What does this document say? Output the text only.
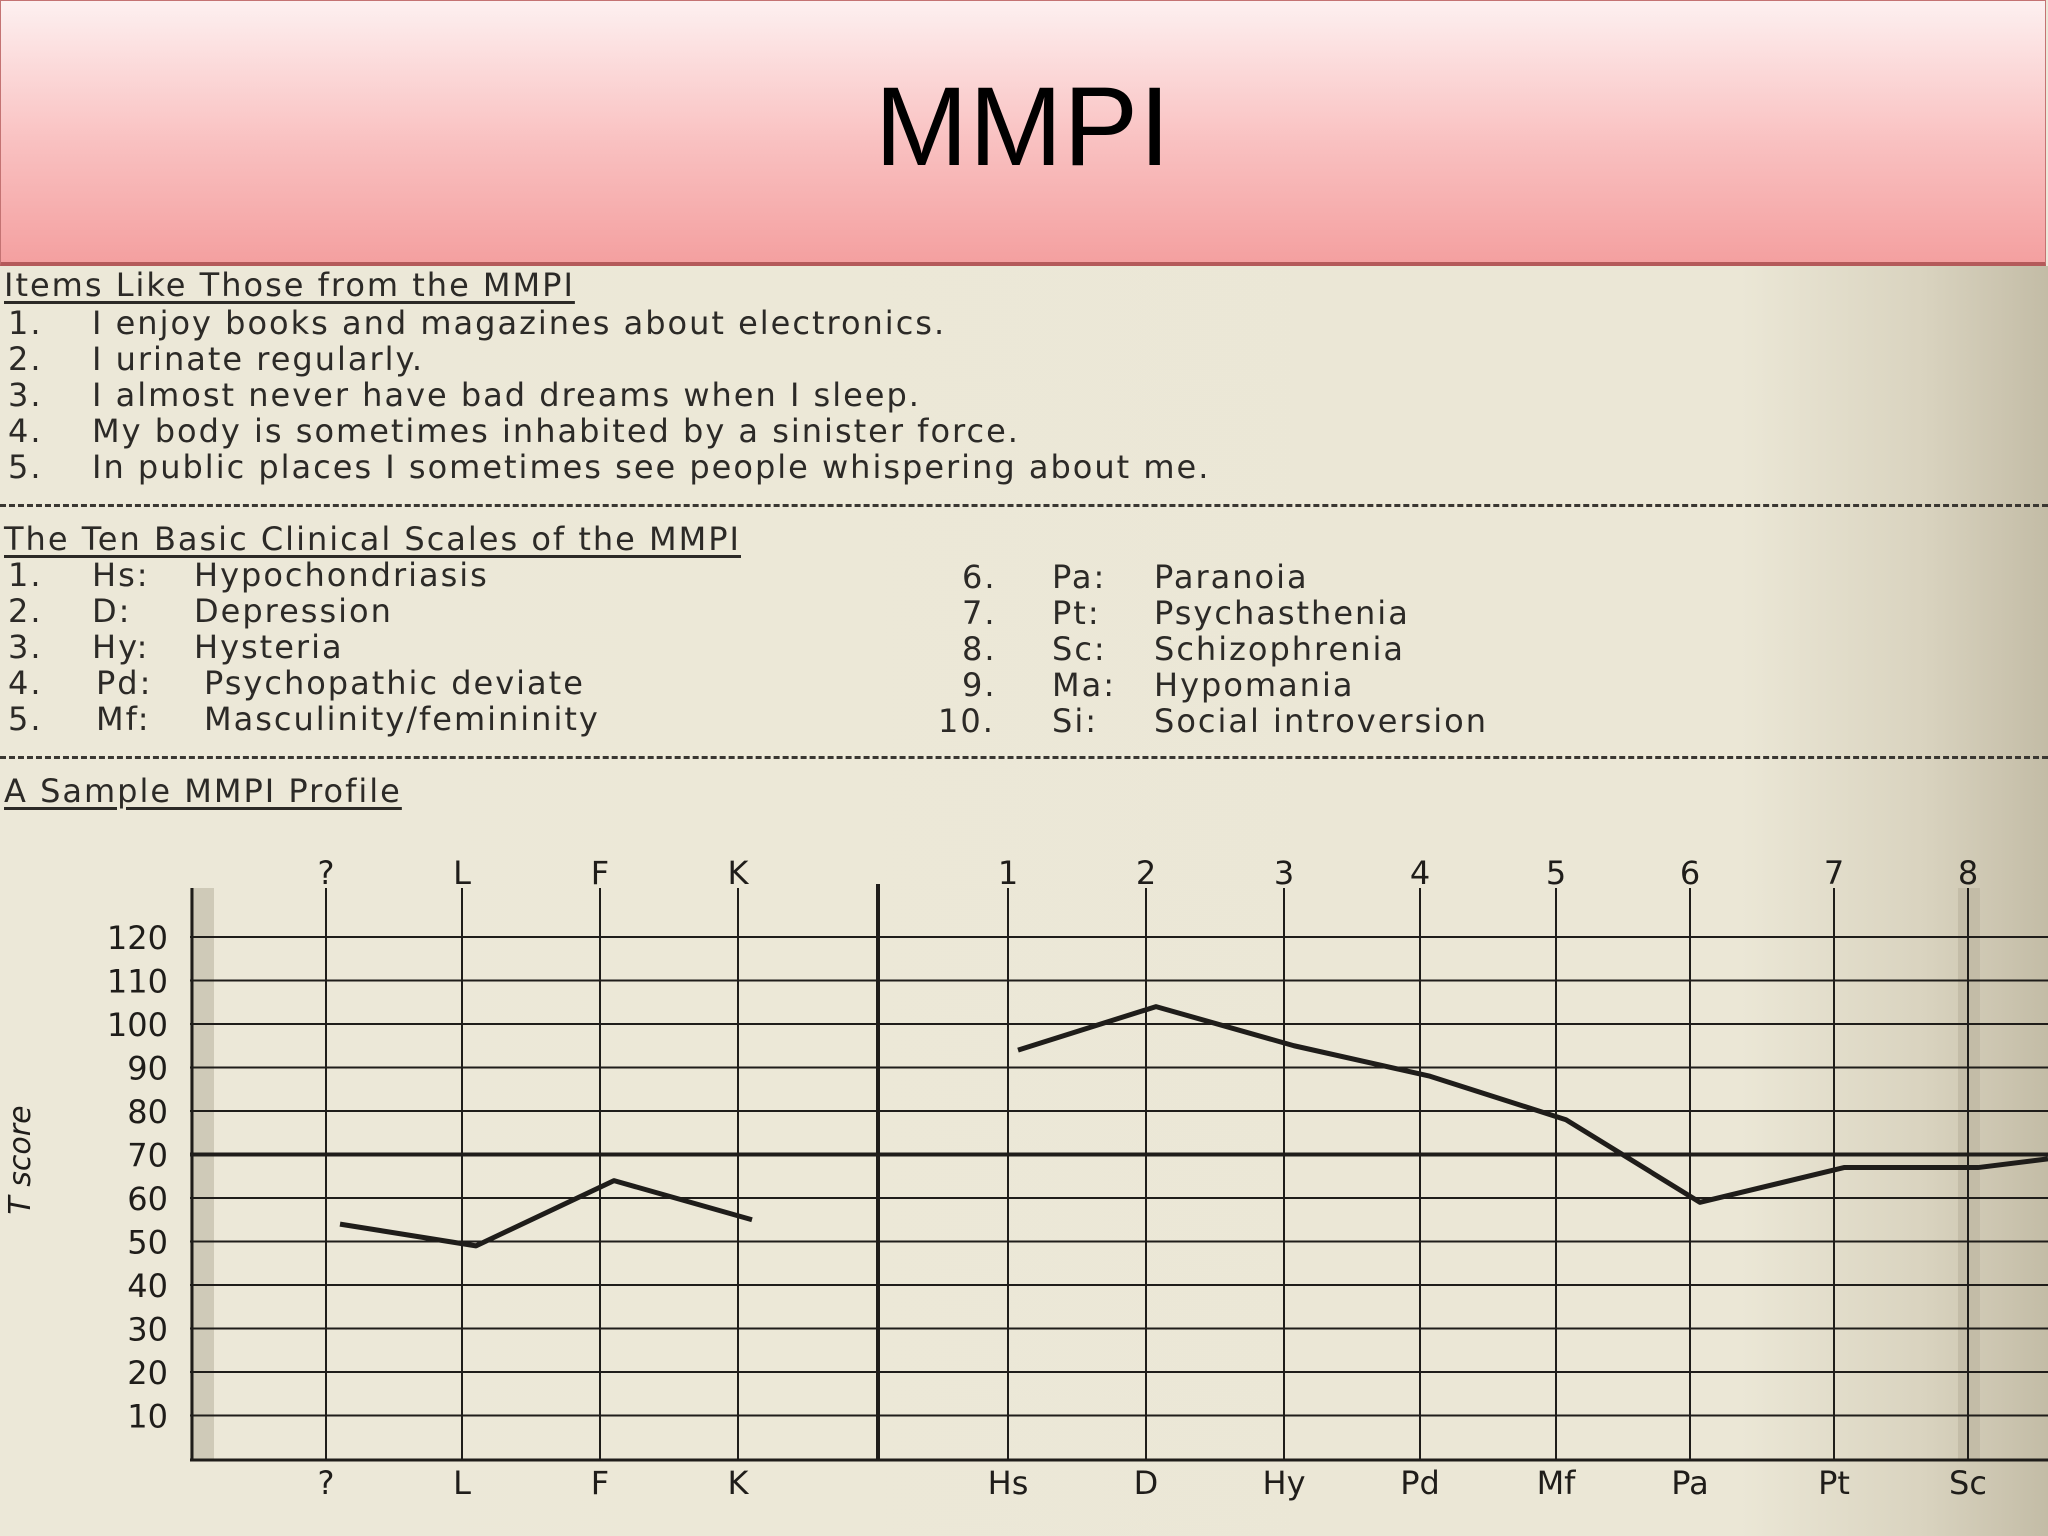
MMPI
Items Like Those from the MMPI
1. I enjoy books and magazines about electronics.
2. I urinate regularly.
3. I almost never have bad dreams when I sleep.
4. My body is sometimes inhabited by a sinister force.
5. In public places I sometimes see people whispering about me.
The Ten Basic Clinical Scales of the MMPI
1. Hs: Hypochondriasis
2. D: Depression
3. Hy: Hysteria
4. Pd: Psychopathic deviate
5. Mf: Masculinity/femininity
6. Pa: Paranoia
7. Pt: Psychasthenia
8. Sc: Schizophrenia
9. Ma: Hypomania
10. Si: Social introversion
A Sample MMPI Profile
10
20
30
40
50
60
70
80
90
100
110
120
T score
?	L	F	K	1	2	3	4	5	6	7	8
?	L	F	K	Hs	D	Hy	Pd	Mf	Pa	Pt	Sc
